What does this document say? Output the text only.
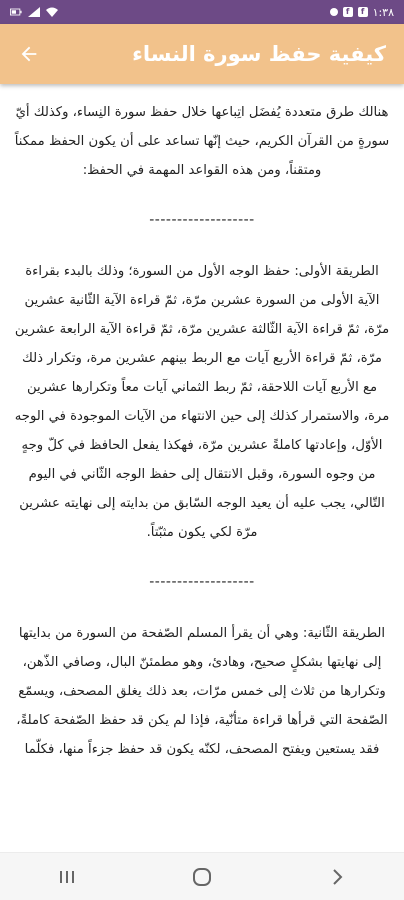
f	f ١:٣٨
كيفية حفظ سورة النساء

هنالك طرق متعددة يُفضَل اتِباعها خلال حفظ سورة النِساء، وكذلك أيّ سورةٍ من القرآن الكريم، حيث إنّها تساعد على أن يكون الحفظ ممكناً ومتقناً، ومن هذه القواعد المهمة في الحفظ:

-------------------

الطريقة الأولى: حفظ الوجه الأول من السورة؛ وذلك بالبدء بقراءة الآية الأولى من السورة عشرين مرّة، ثمّ قراءة الآية الثّانية عشرين مرّة، ثمّ قراءة الآية الثّالثة عشرين مرّة، ثمّ قراءة الآية الرابعة عشرين مرّة، ثمّ قراءة الأربع آيات مع الربط بينهم عشرين مرة، وتكرار ذلك مع الأربع آيات اللاحقة، ثمّ ربط الثماني آيات معاً وتكرارها عشرين مرة، والاستمرار كذلك إلى حين الانتهاء من الآيات الموجودة في الوجه الأوّل، وإعادتها كاملةً عشرين مرّة، فهكذا يفعل الحافظ في كلّ وجهٍ من وجوه السورة، وقبل الانتقال إلى حفظ الوجه الثّاني في اليوم التّالي، يجب عليه أن يعيد الوجه السّابق من بدايته إلى نهايته عشرين مرّة لكي يكون مثبّتاً.

-------------------

الطريقة الثّانية: وهي أن يقرأ المسلم الصّفحة من السورة من بدايتها إلى نهايتها بشكلٍ صحيح، وهادئ، وهو مطمئنّ البال، وصافي الذّهن، وتكرارها من ثلاث إلى خمس مرّات، بعد ذلك يغلق المصحف، ويسمّع الصّفحة التي قرأها قراءة متأنّية، فإذا لم يكن قد حفظ الصّفحة كاملةً، فقد يستعين ويفتح المصحف، لكنّه يكون قد حفظ جزءاً منها، فكلّما
